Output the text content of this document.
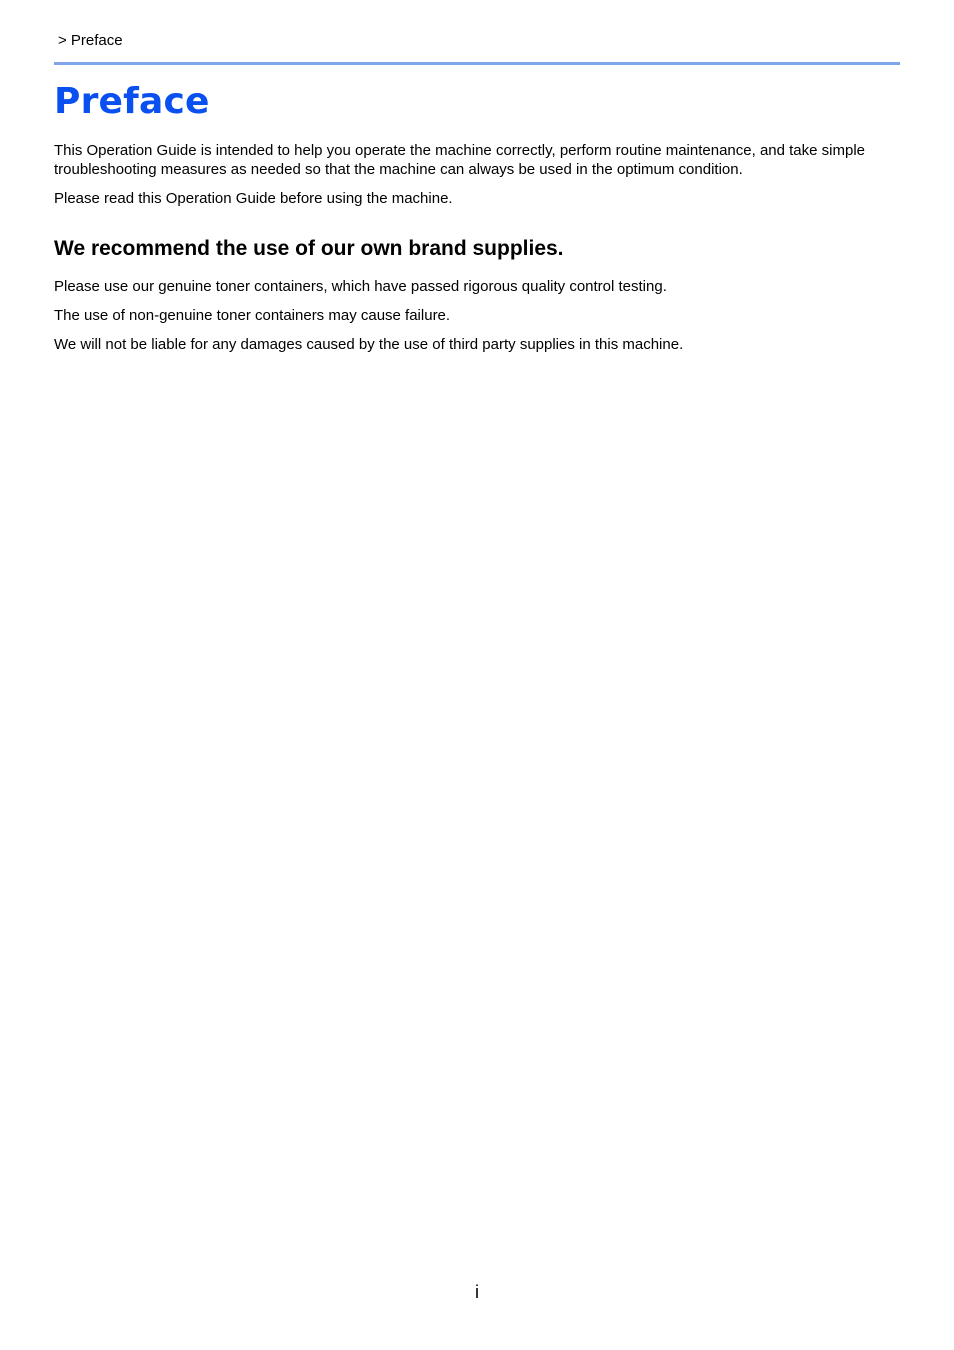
> Preface
Preface

This Operation Guide is intended to help you operate the machine correctly, perform routine maintenance, and take simple troubleshooting measures as needed so that the machine can always be used in the optimum condition.

Please read this Operation Guide before using the machine.

We recommend the use of our own brand supplies.

Please use our genuine toner containers, which have passed rigorous quality control testing.

The use of non-genuine toner containers may cause failure.

We will not be liable for any damages caused by the use of third party supplies in this machine.

i
